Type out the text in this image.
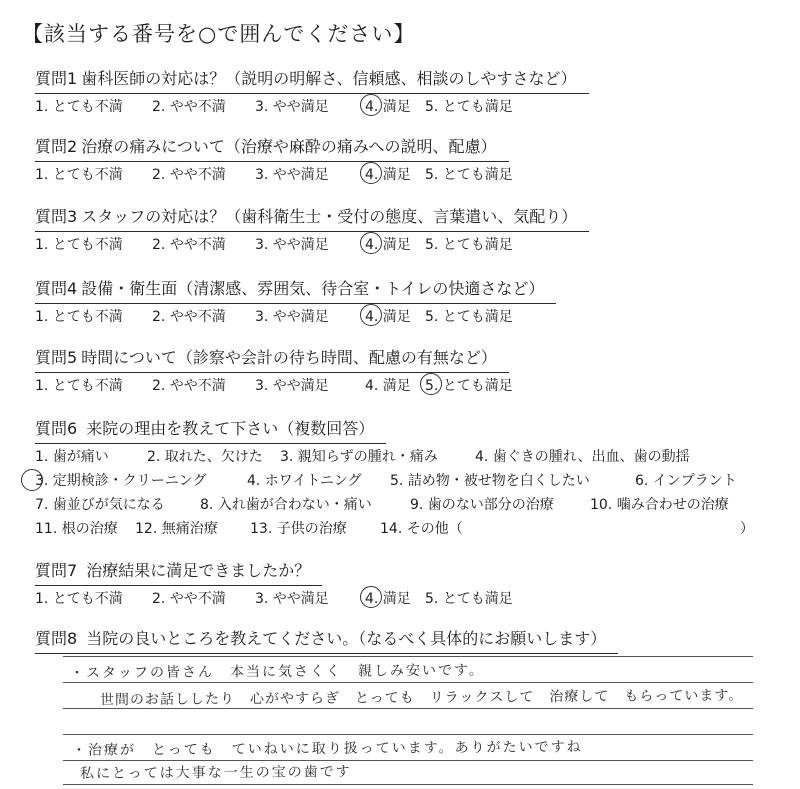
【該当する番号を○で囲んでください】
質問1 歯科医師の対応は？（説明の明解さ、信頼感、相談のしやすさなど）
1. とても不満 2. やや不満 3. やや満足	4. 満足 5. とても満足
質問2 治療の痛みについて（治療や麻酔の痛みへの説明、配慮）
1. とても不満 2. やや不満 3. やや満足	4. 満足 5. とても満足
質問3 スタッフの対応は？（歯科衛生士・受付の態度、言葉遣い、気配り）
1. とても不満 2. やや不満 3. やや満足	4. 満足 5. とても満足
質問4 設備・衛生面（清潔感、雰囲気、待合室・トイレの快適さなど）
1. とても不満 2. やや不満 3. やや満足	4. 満足 5. とても満足
質問5 時間について（診察や会計の待ち時間、配慮の有無など）
1. とても不満 2. やや不満 3. やや満足	4. 満足 5. とても満足
質問6 来院の理由を教えて下さい（複数回答）
1. 歯が痛い	2. 取れた、欠けた 3. 親知らずの腫れ・痛み	4. 歯ぐきの腫れ、出血、歯の動揺
3. 定期検診・クリーニング	4. ホワイトニング 5. 詰め物・被せ物を白くしたい	6. インプラント
7. 歯並びが気になる	8. 入れ歯が合わない・痛い	9. 歯のない部分の治療	10. 噛み合わせの治療
11. 根の治療 12. 無痛治療 13. 子供の治療 14. その他（	）
質問7 治療結果に満足できましたか？
1. とても不満 2. やや不満 3. やや満足	4. 満足 5. とても満足
質問8 当院の良いところを教えてください。（なるべく具体的にお願いします）
・スタッフの皆さん　本当に気さくく　親しみ安いです。
世間のお話ししたり　心がやすらぎ　とっても　リラックスして　治療して　もらっています。
・治療が　とっても　ていねいに取り扱っています。ありがたいですね
私にとっては大事な一生の宝の歯です
